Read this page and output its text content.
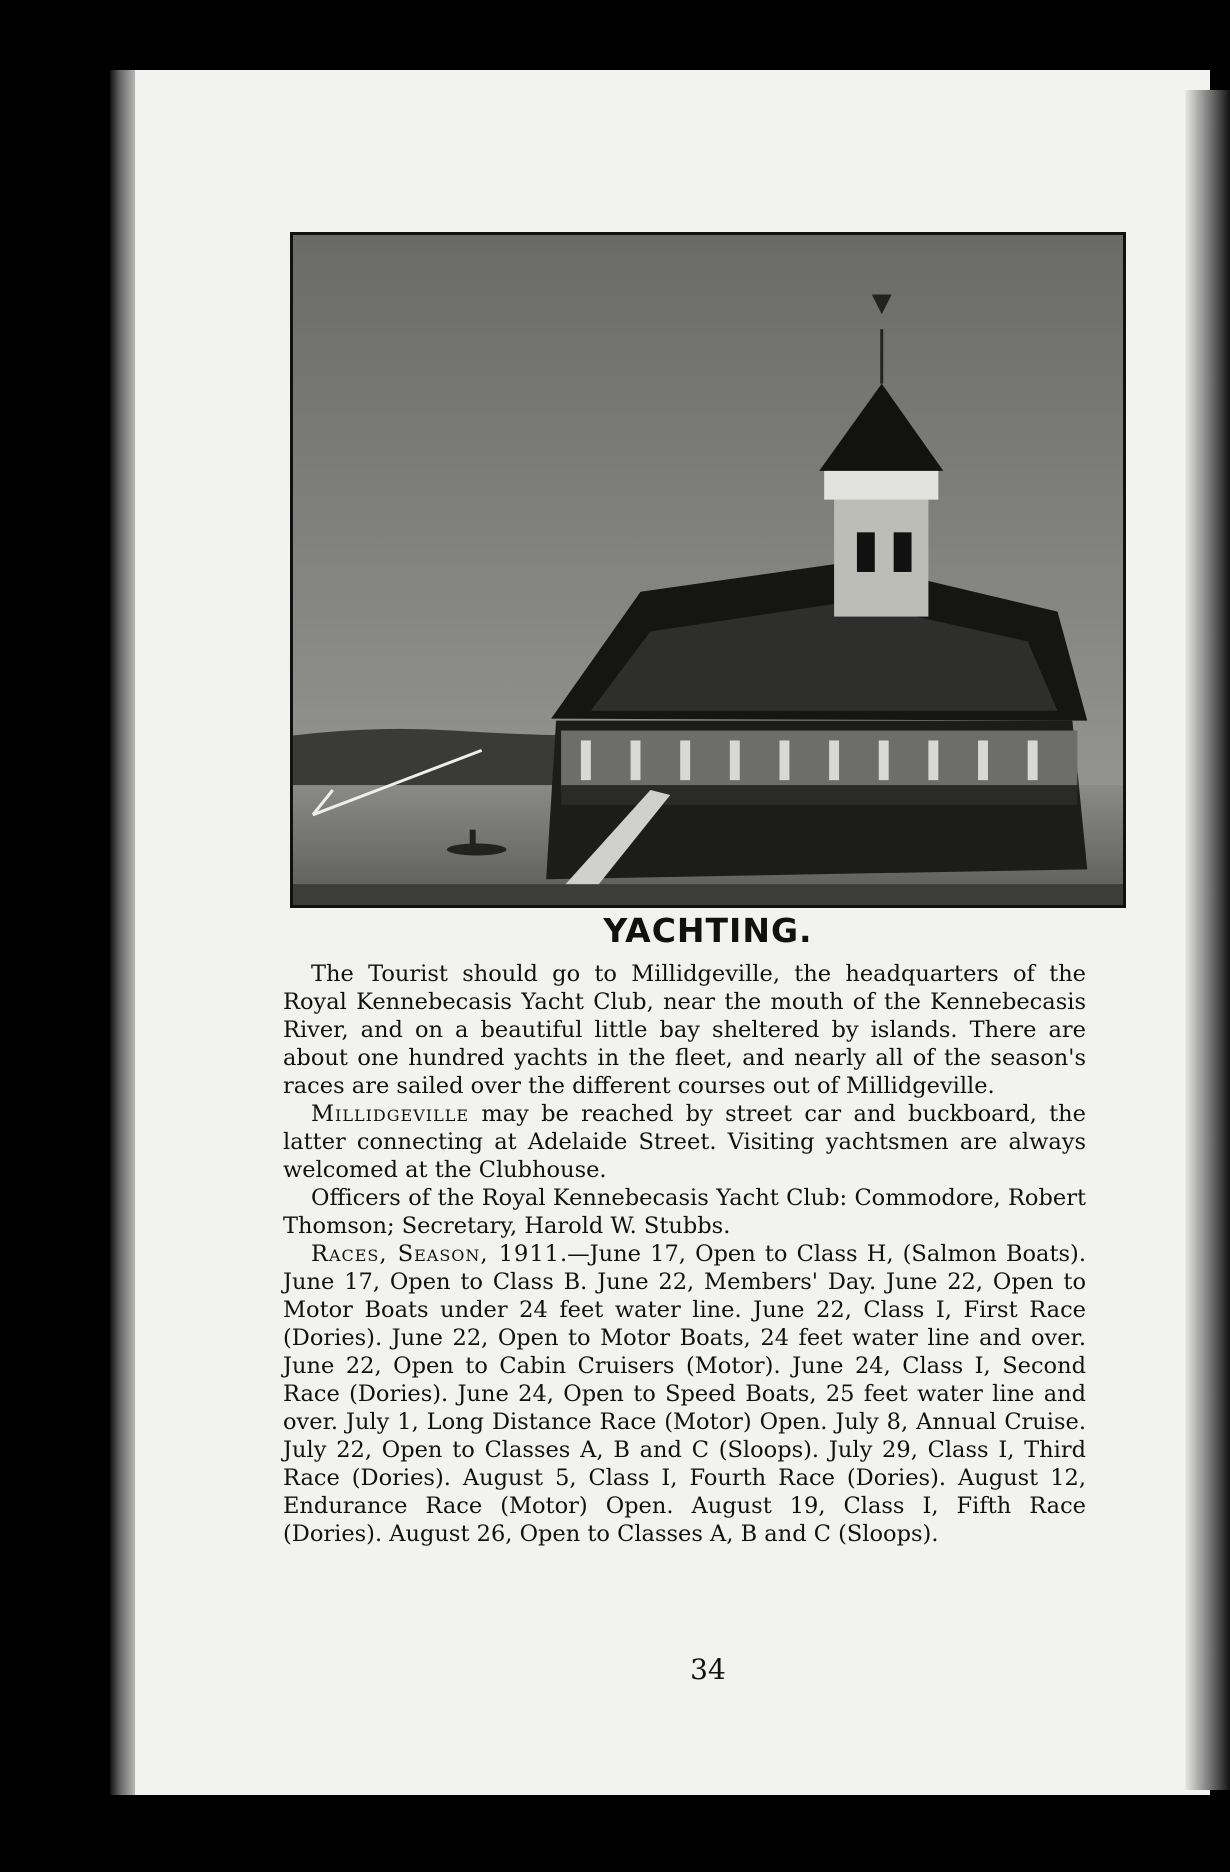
YACHTING.

The Tourist should go to Millidgeville, the headquarters of the Royal Kennebecasis Yacht Club, near the mouth of the Kennebecasis River, and on a beautiful little bay sheltered by islands. There are about one hundred yachts in the fleet, and nearly all of the season's races are sailed over the different courses out of Millidgeville.

Millidgeville may be reached by street car and buckboard, the latter connecting at Adelaide Street. Visiting yachtsmen are always welcomed at the Clubhouse.

Officers of the Royal Kennebecasis Yacht Club: Commodore, Robert Thomson; Secretary, Harold W. Stubbs.

Races, Season, 1911.—June 17, Open to Class H, (Salmon Boats). June 17, Open to Class B. June 22, Members' Day. June 22, Open to Motor Boats under 24 feet water line. June 22, Class I, First Race (Dories). June 22, Open to Motor Boats, 24 feet water line and over. June 22, Open to Cabin Cruisers (Motor). June 24, Class I, Second Race (Dories). June 24, Open to Speed Boats, 25 feet water line and over. July 1, Long Distance Race (Motor) Open. July 8, Annual Cruise. July 22, Open to Classes A, B and C (Sloops). July 29, Class I, Third Race (Dories). August 5, Class I, Fourth Race (Dories). August 12, Endurance Race (Motor) Open. August 19, Class I, Fifth Race (Dories). August 26, Open to Classes A, B and C (Sloops).

34
